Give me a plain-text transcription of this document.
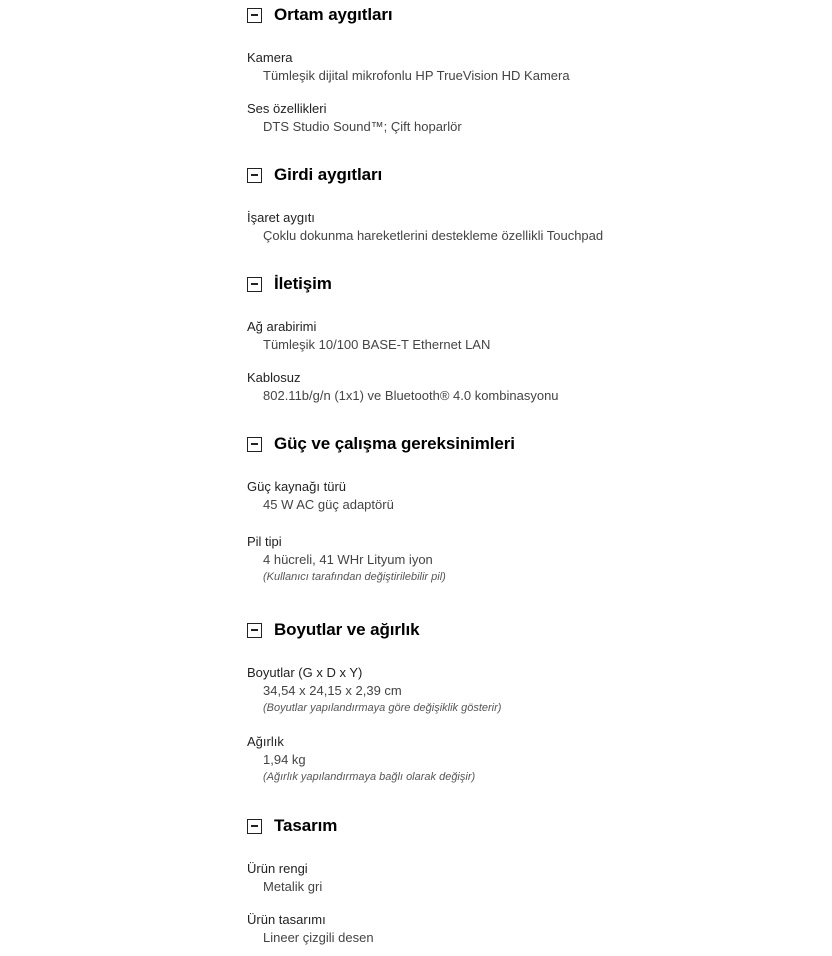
Ortam aygıtları
Kamera
Tümleşik dijital mikrofonlu HP TrueVision HD Kamera
Ses özellikleri
DTS Studio Sound™; Çift hoparlör
Girdi aygıtları
İşaret aygıtı
Çoklu dokunma hareketlerini destekleme özellikli Touchpad
İletişim
Ağ arabirimi
Tümleşik 10/100 BASE-T Ethernet LAN
Kablosuz
802.11b/g/n (1x1) ve Bluetooth® 4.0 kombinasyonu
Güç ve çalışma gereksinimleri
Güç kaynağı türü
45 W AC güç adaptörü
Pil tipi
4 hücreli, 41 WHr Lityum iyon
(Kullanıcı tarafından değiştirilebilir pil)
Boyutlar ve ağırlık
Boyutlar (G x D x Y)
34,54 x 24,15 x 2,39 cm
(Boyutlar yapılandırmaya göre değişiklik gösterir)
Ağırlık
1,94 kg
(Ağırlık yapılandırmaya bağlı olarak değişir)
Tasarım
Ürün rengi
Metalik gri
Ürün tasarımı
Lineer çizgili desen
